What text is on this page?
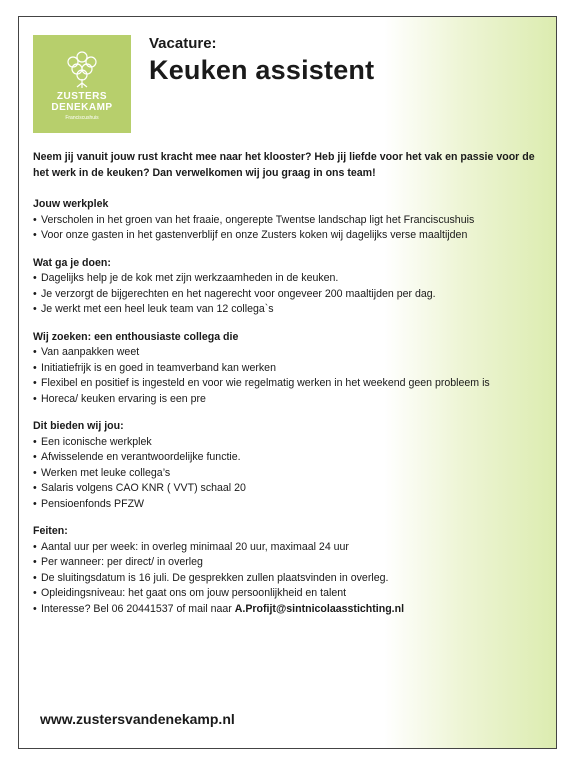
ZUSTERS
DENEKAMP
Franciscushuis
Vacature:
Keuken assistent

Neem jij vanuit jouw rust kracht mee naar het klooster? Heb jij liefde voor het vak en passie voor de het werk in de keuken? Dan verwelkomen wij jou graag in ons team!

Jouw werkplek
• Verscholen in het groen van het fraaie, ongerepte Twentse landschap ligt het Franciscushuis
• Voor onze gasten in het gastenverblijf en onze Zusters koken wij dagelijks verse maaltijden
Wat ga je doen:
• Dagelijks help je de kok met zijn werkzaamheden in de keuken.
• Je verzorgt de bijgerechten en het nagerecht voor ongeveer 200 maaltijden per dag.
• Je werkt met een heel leuk team van 12 collega`s
Wij zoeken: een enthousiaste collega die
• Van aanpakken weet
• Initiatiefrijk is en goed in teamverband kan werken
• Flexibel en positief is ingesteld en voor wie regelmatig werken in het weekend geen probleem is
• Horeca/ keuken ervaring is een pre
Dit bieden wij jou:
• Een iconische werkplek
• Afwisselende en verantwoordelijke functie.
• Werken met leuke collega’s
• Salaris volgens CAO KNR ( VVT) schaal 20
• Pensioenfonds PFZW
Feiten:
• Aantal uur per week: in overleg minimaal 20 uur, maximaal 24 uur
• Per wanneer: per direct/ in overleg
• De sluitingsdatum is 16 juli. De gesprekken zullen plaatsvinden in overleg.
• Opleidingsniveau: het gaat ons om jouw persoonlijkheid en talent
• Interesse? Bel 06 20441537 of mail naar A.Profijt@sintnicolaasstichting.nl
www.zustersvandenekamp.nl
